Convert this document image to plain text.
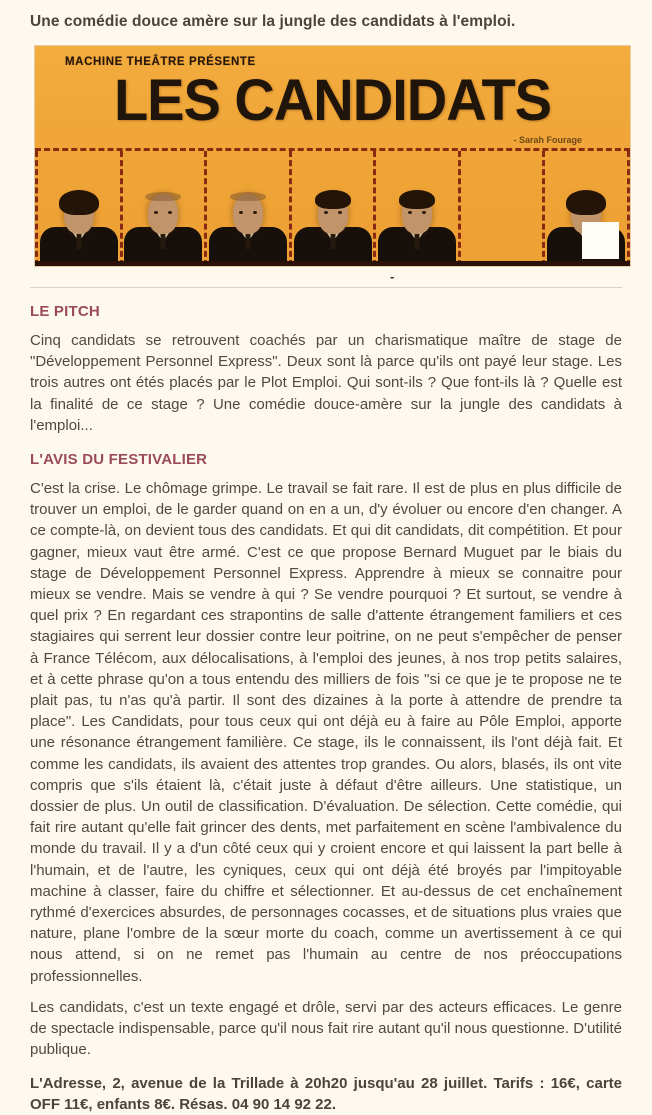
Une comédie douce amère sur la jungle des candidats à l'emploi.
MACHINE THEÂTRE PRÉSENTE
LES CANDIDATS
- Sarah Fourage
-
LE PITCH

Cinq candidats se retrouvent coachés par un charismatique maître de stage de "Développement Personnel Express". Deux sont là parce qu'ils ont payé leur stage. Les trois autres ont étés placés par le Plot Emploi. Qui sont-ils ? Que font-ils là ? Quelle est la finalité de ce stage ? Une comédie douce-amère sur la jungle des candidats à l'emploi...

L'AVIS DU FESTIVALIER

C'est la crise. Le chômage grimpe. Le travail se fait rare. Il est de plus en plus difficile de trouver un emploi, de le garder quand on en a un, d'y évoluer ou encore d'en changer. A ce compte-là, on devient tous des candidats. Et qui dit candidats, dit compétition. Et pour gagner, mieux vaut être armé. C'est ce que propose Bernard Muguet par le biais du stage de Développement Personnel Express. Apprendre à mieux se connaitre pour mieux se vendre. Mais se vendre à qui ? Se vendre pourquoi ? Et surtout, se vendre à quel prix ? En regardant ces strapontins de salle d'attente étrangement familiers et ces stagiaires qui serrent leur dossier contre leur poitrine, on ne peut s'empêcher de penser à France Télécom, aux délocalisations, à l'emploi des jeunes, à nos trop petits salaires, et à cette phrase qu'on a tous entendu des milliers de fois "si ce que je te propose ne te plait pas, tu n'as qu'à partir. Il sont des dizaines à la porte à attendre de prendre ta place". Les Candidats, pour tous ceux qui ont déjà eu à faire au Pôle Emploi, apporte une résonance étrangement familière. Ce stage, ils le connaissent, ils l'ont déjà fait. Et comme les candidats, ils avaient des attentes trop grandes. Ou alors, blasés, ils ont vite compris que s'ils étaient là, c'était juste à défaut d'être ailleurs. Une statistique, un dossier de plus. Un outil de classification. D'évaluation. De sélection. Cette comédie, qui fait rire autant qu'elle fait grincer des dents, met parfaitement en scène l'ambivalence du monde du travail. Il y a d'un côté ceux qui y croient encore et qui laissent la part belle à l'humain, et de l'autre, les cyniques, ceux qui ont déjà été broyés par l'impitoyable machine à classer, faire du chiffre et sélectionner. Et au-dessus de cet enchaînement rythmé d'exercices absurdes, de personnages cocasses, et de situations plus vraies que nature, plane l'ombre de la sœur morte du coach, comme un avertissement à ce qui nous attend, si on ne remet pas l'humain au centre de nos préoccupations professionnelles.

Les candidats, c'est un texte engagé et drôle, servi par des acteurs efficaces. Le genre de spectacle indispensable, parce qu'il nous fait rire autant qu'il nous questionne. D'utilité publique.

L'Adresse, 2, avenue de la Trillade à 20h20 jusqu'au 28 juillet. Tarifs : 16€, carte OFF 11€, enfants 8€. Résas. 04 90 14 92 22.
